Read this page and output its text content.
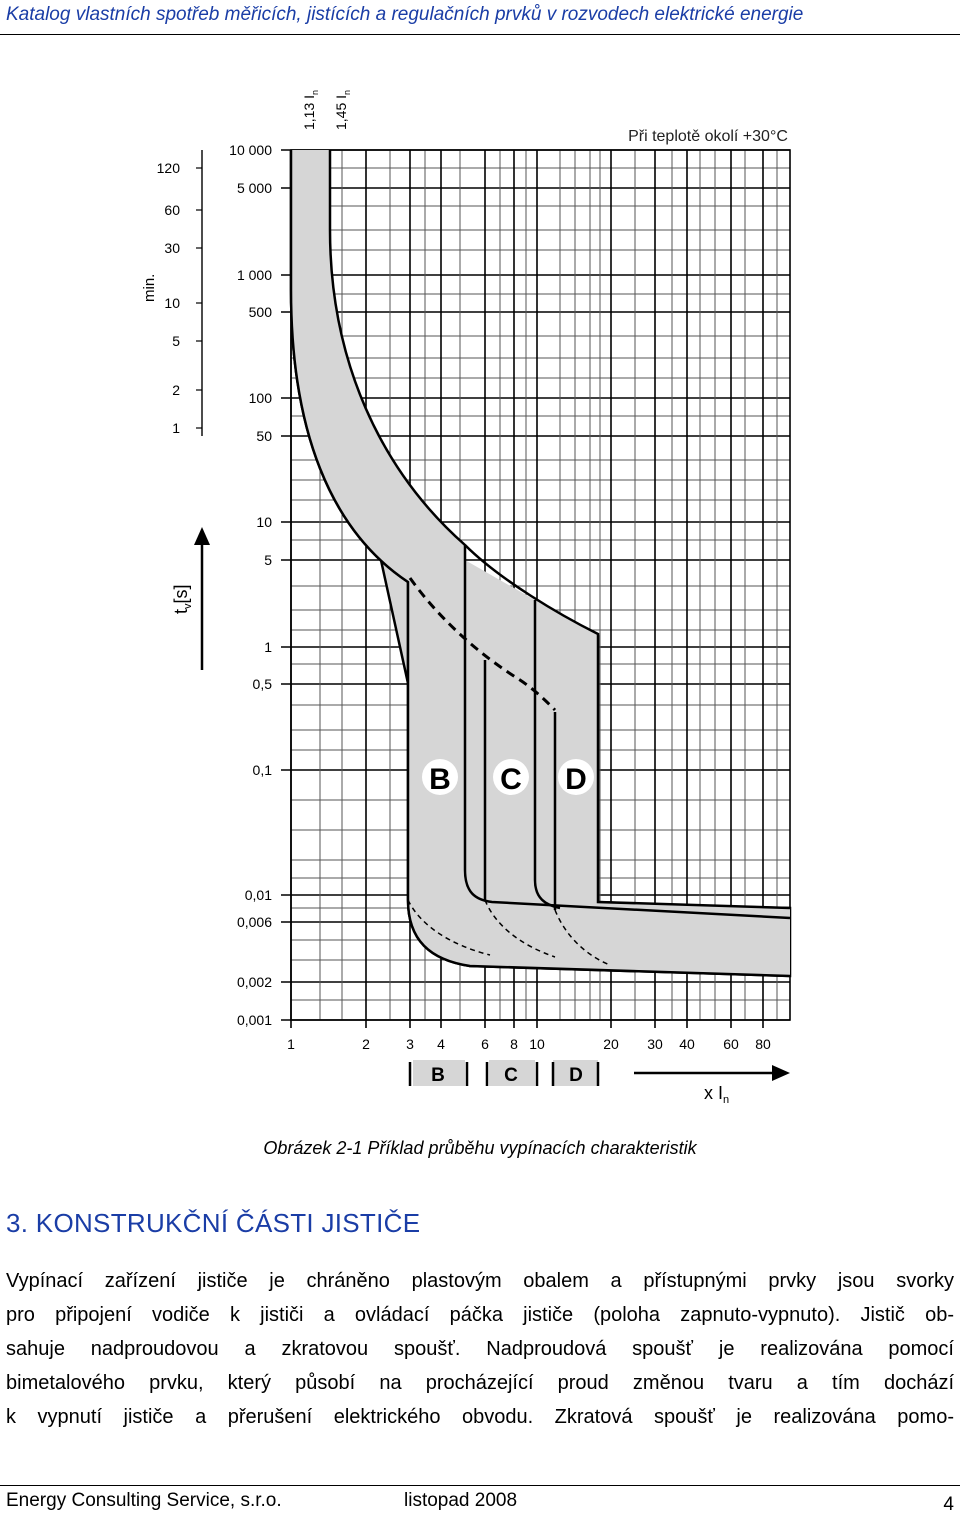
Katalog vlastních spotřeb měřicích, jistících a regulačních prvků v rozvodech elektrické energie
B C D
120
60
30
10
5
2
1
10 000
5 000
1 000
500
100
50
10
5
1
0,5
0,1
0,01
0,006
0,002
0,001
1	2	3 4	6 8 10	20 30 40 60 80
Při teplotě okolí +30°C
1,13 $I_n$
1,45 $I_n$
min.
$t_v[s]$
B	C	D
x $I_n$
Obrázek 2-1 Příklad průběhu vypínacích charakteristik
3. KONSTRUKČNÍ ČÁSTI JISTIČE
Vypínací zařízení jističe je chráněno plastovým obalem a přístupnými prvky jsou svorky
pro připojení vodiče k jističi a ovládací páčka jističe (poloha zapnuto-vypnuto). Jistič ob-
sahuje nadproudovou a zkratovou spoušť. Nadproudová spoušť je realizována pomocí
bimetalového prvku, který působí na procházející proud změnou tvaru a tím dochází
k vypnutí jističe a přerušení elektrického obvodu. Zkratová spoušť je realizována pomo-
Energy Consulting Service, s.r.o.	listopad 2008	4
